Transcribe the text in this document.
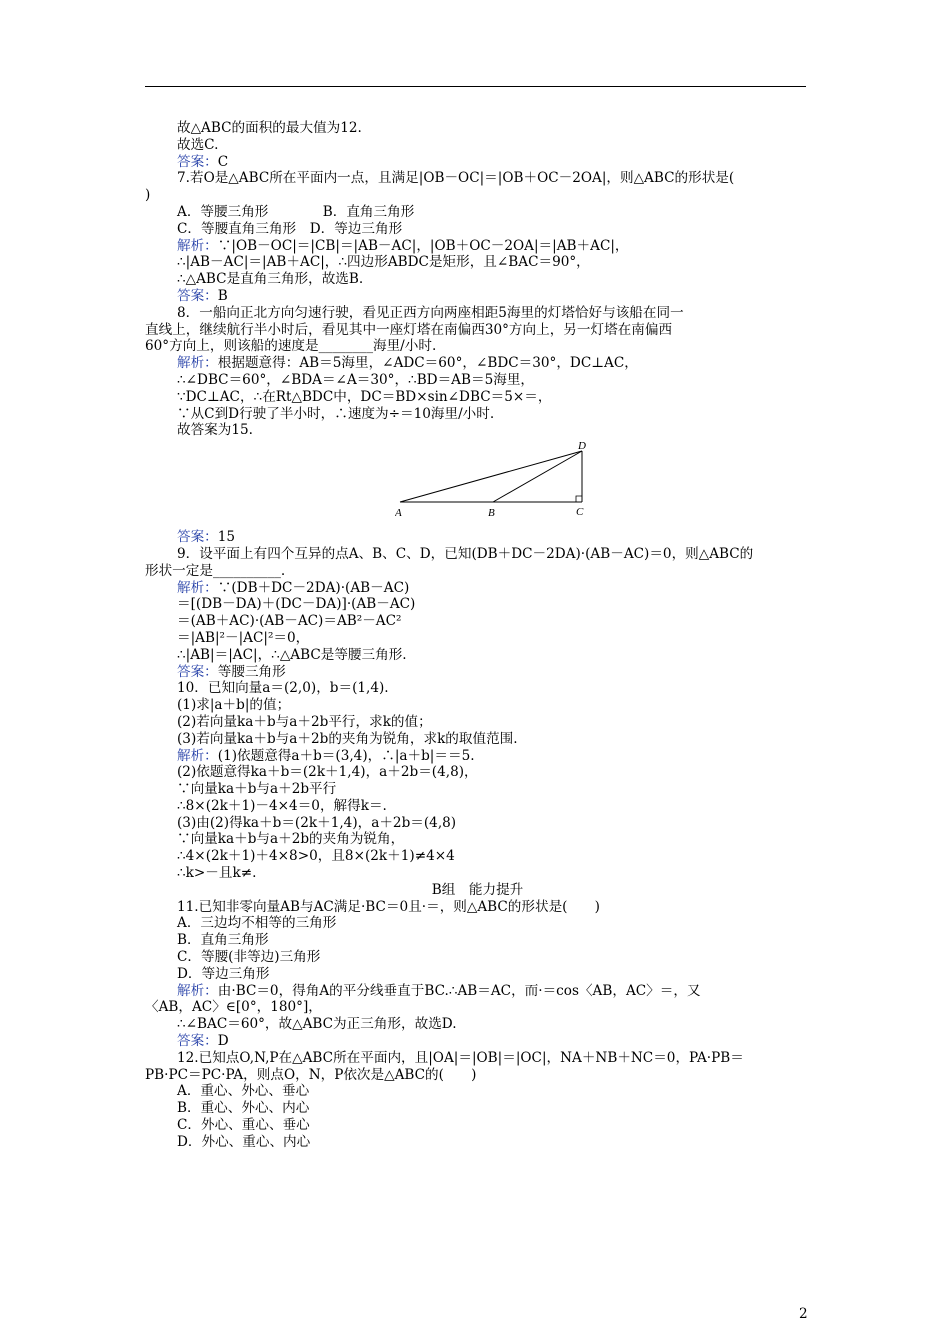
故△ABC的面积的最大值为12.
故选C.
答案：C
7.若O是△ABC所在平面内一点，且满足|OB－OC|＝|OB＋OC－2OA|，则△ABC的形状是(
)
A．等腰三角形　　　　B．直角三角形
C．等腰直角三角形　D．等边三角形
解析：∵|OB－OC|＝|CB|＝|AB－AC|，|OB＋OC－2OA|＝|AB＋AC|，
∴|AB－AC|＝|AB＋AC|，∴四边形ABDC是矩形，且∠BAC＝90°，
∴△ABC是直角三角形，故选B.
答案：B
8．一船向正北方向匀速行驶，看见正西方向两座相距5海里的灯塔恰好与该船在同一
直线上，继续航行半小时后，看见其中一座灯塔在南偏西30°方向上，另一灯塔在南偏西
60°方向上，则该船的速度是________海里/小时.
解析：根据题意得：AB＝5海里，∠ADC＝60°，∠BDC＝30°，DC⊥AC，
∴∠DBC＝60°，∠BDA＝∠A＝30°，∴BD＝AB＝5海里，
∵DC⊥AC，∴在Rt△BDC中，DC＝BD×sin∠DBC＝5×＝，
∵从C到D行驶了半小时，∴速度为÷＝10海里/小时.
故答案为15.
A	B	C
D
答案：15
9．设平面上有四个互异的点A、B、C、D，已知(DB＋DC－2DA)·(AB－AC)＝0，则△ABC的
形状一定是__________.
解析：∵(DB＋DC－2DA)·(AB－AC)
＝[(DB－DA)＋(DC－DA)]·(AB－AC)
＝(AB＋AC)·(AB－AC)＝AB²－AC²
＝|AB|²－|AC|²＝0，
∴|AB|＝|AC|，∴△ABC是等腰三角形.
答案：等腰三角形
10．已知向量a＝(2,0)，b＝(1,4).
(1)求|a＋b|的值；
(2)若向量ka＋b与a＋2b平行，求k的值；
(3)若向量ka＋b与a＋2b的夹角为锐角，求k的取值范围.
解析：(1)依题意得a＋b＝(3,4)，∴|a＋b|＝＝5.
(2)依题意得ka＋b＝(2k＋1,4)，a＋2b＝(4,8)，
∵向量ka＋b与a＋2b平行
∴8×(2k＋1)－4×4＝0，解得k＝.
(3)由(2)得ka＋b＝(2k＋1,4)，a＋2b＝(4,8)
∵向量ka＋b与a＋2b的夹角为锐角，
∴4×(2k＋1)＋4×8>0，且8×(2k＋1)≠4×4
∴k>－且k≠.
B组　能力提升
11.已知非零向量AB与AC满足·BC＝0且·＝，则△ABC的形状是(　　)
A．三边均不相等的三角形
B．直角三角形
C．等腰(非等边)三角形
D．等边三角形
解析：由·BC＝0，得角A的平分线垂直于BC.∴AB＝AC，而·＝cos〈AB，AC〉＝，又
〈AB，AC〉∈[0°，180°]，
∴∠BAC＝60°，故△ABC为正三角形，故选D.
答案：D
12.已知点O,N,P在△ABC所在平面内，且|OA|＝|OB|＝|OC|，NA＋NB＋NC＝0，PA·PB＝
PB·PC＝PC·PA，则点O，N，P依次是△ABC的(　　)
A．重心、外心、垂心
B．重心、外心、内心
C．外心、重心、垂心
D．外心、重心、内心
2
